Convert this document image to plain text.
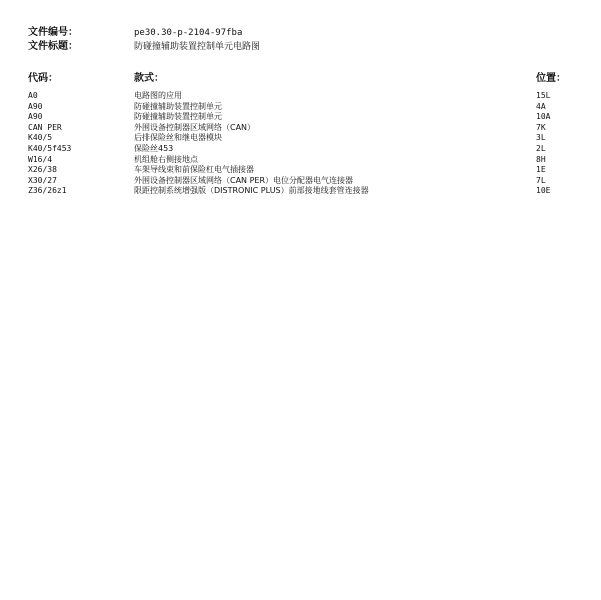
文件编号：	pe30.30-p-2104-97fba
文件标题：	防碰撞辅助装置控制单元电路图
代码：	款式：	位置：
A0	电路图的应用	15L
A90	防碰撞辅助装置控制单元	4A
A90	防碰撞辅助装置控制单元	10A
CAN PER	外围设备控制器区域网络（CAN）	7K
K40/5	后排保险丝和继电器模块	3L
K40/5f453	保险丝453	2L
W16/4	机组舱右侧接地点	8H
X26/38	车架导线束和前保险杠电气插接器	1E
X30/27	外围设备控制器区域网络（CAN PER）电位分配器电气连接器	7L
Z36/26z1	限距控制系统增强版（DISTRONIC PLUS）前部接地线套管连接器	10E
